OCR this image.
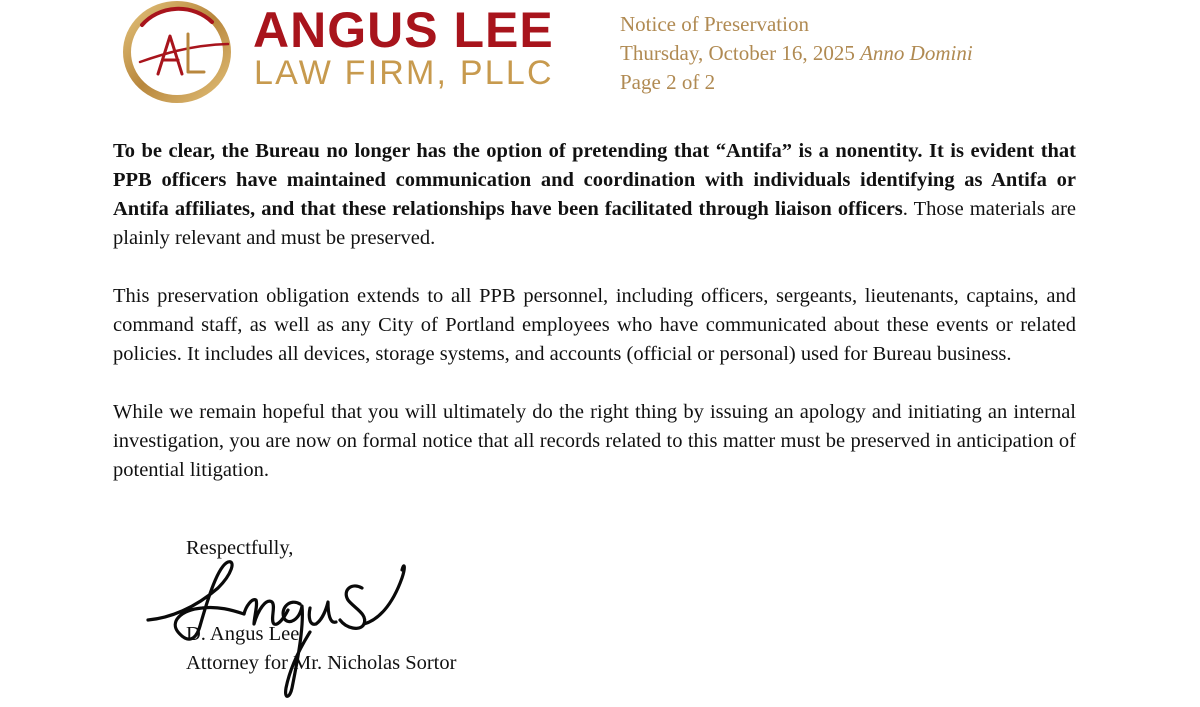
ANGUS LEE
LAW FIRM, PLLC
Notice of Preservation
Thursday, October 16, 2025 Anno Domini
Page 2 of 2

To be clear, the Bureau no longer has the option of pretending that “Antifa” is a nonentity. It is evident that PPB officers have maintained communication and coordination with individuals identifying as Antifa or Antifa affiliates, and that these relationships have been facilitated through liaison officers. Those materials are plainly relevant and must be preserved.

This preservation obligation extends to all PPB personnel, including officers, sergeants, lieutenants, captains, and command staff, as well as any City of Portland employees who have communicated about these events or related policies. It includes all devices, storage systems, and accounts (official or personal) used for Bureau business.

While we remain hopeful that you will ultimately do the right thing by issuing an apology and initiating an internal investigation, you are now on formal notice that all records related to this matter must be preserved in anticipation of potential litigation.

Respectfully,
D. Angus Lee
Attorney for Mr. Nicholas Sortor
